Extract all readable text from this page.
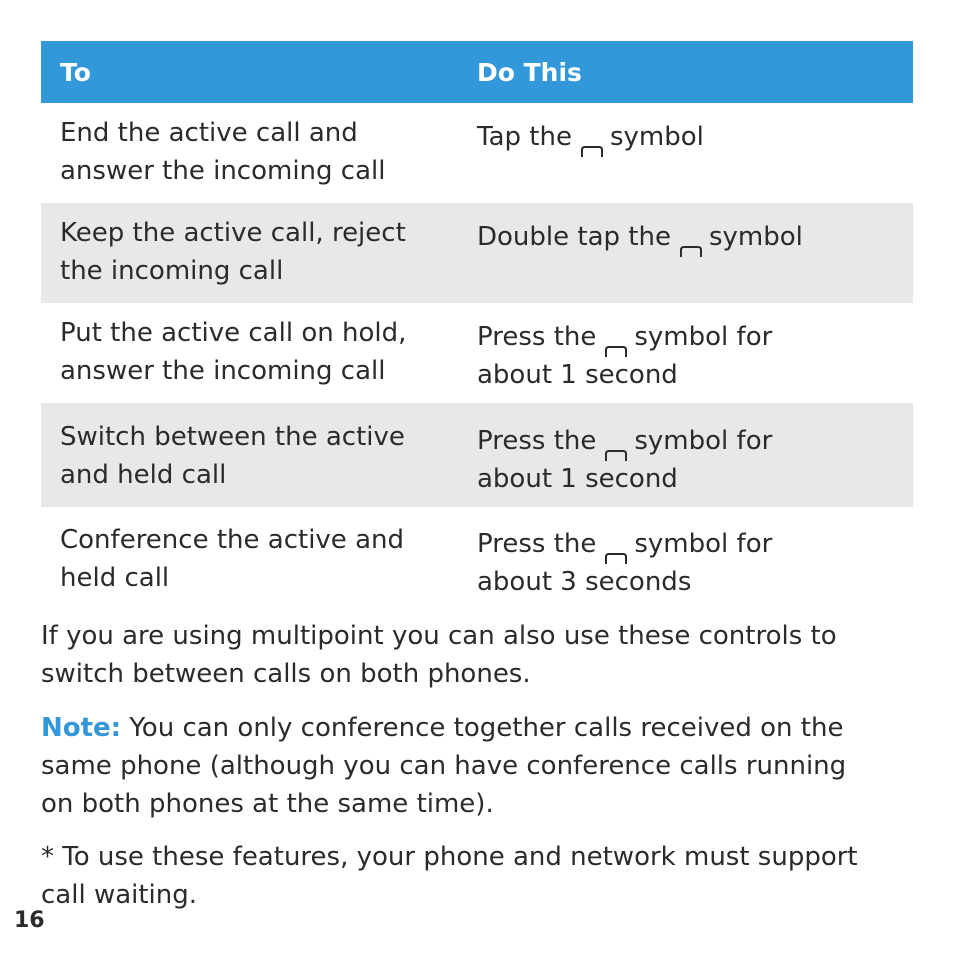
To	Do This
End the active call and
answer the incoming call
Tap the symbol

Keep the active call, reject
the incoming call
Double tap the symbol

Put the active call on hold,
answer the incoming call
Press the symbol for
about 1 second
Switch between the active
and held call
Press the symbol for
about 1 second
Conference the active and
held call
Press the symbol for
about 3 seconds
If you are using multipoint you can also use these controls to
switch between calls on both phones.
Note: You can only conference together calls received on the
same phone (although you can have conference calls running
on both phones at the same time).
* To use these features, your phone and network must support
call waiting.
16
